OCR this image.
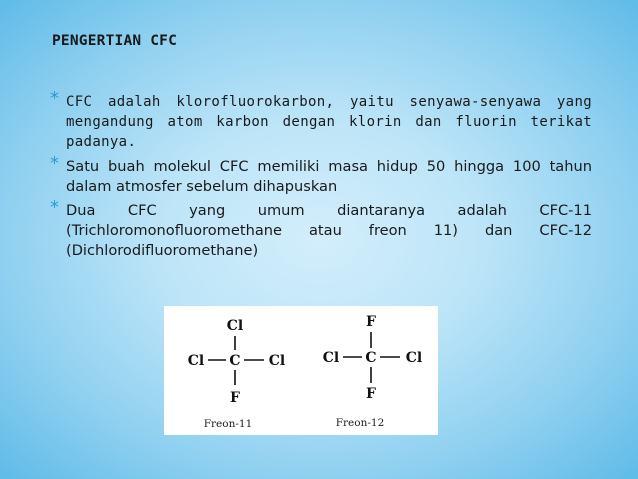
PENGERTIAN CFC
* CFC adalah klorofluorokarbon, yaitu senyawa-senyawa yang mengandung atom karbon dengan klorin dan fluorin terikat padanya.
* Satu buah molekul CFC memiliki masa hidup 50 hingga 100 tahun dalam atmosfer sebelum dihapuskan
* Dua CFC yang umum diantaranya adalah CFC-11 (Trichloromonofluoromethane atau freon 11) dan CFC-12 (Dichlorodifluoromethane)
Cl
Cl C Cl
F
Freon-11
F
Cl C Cl
F
Freon-12
